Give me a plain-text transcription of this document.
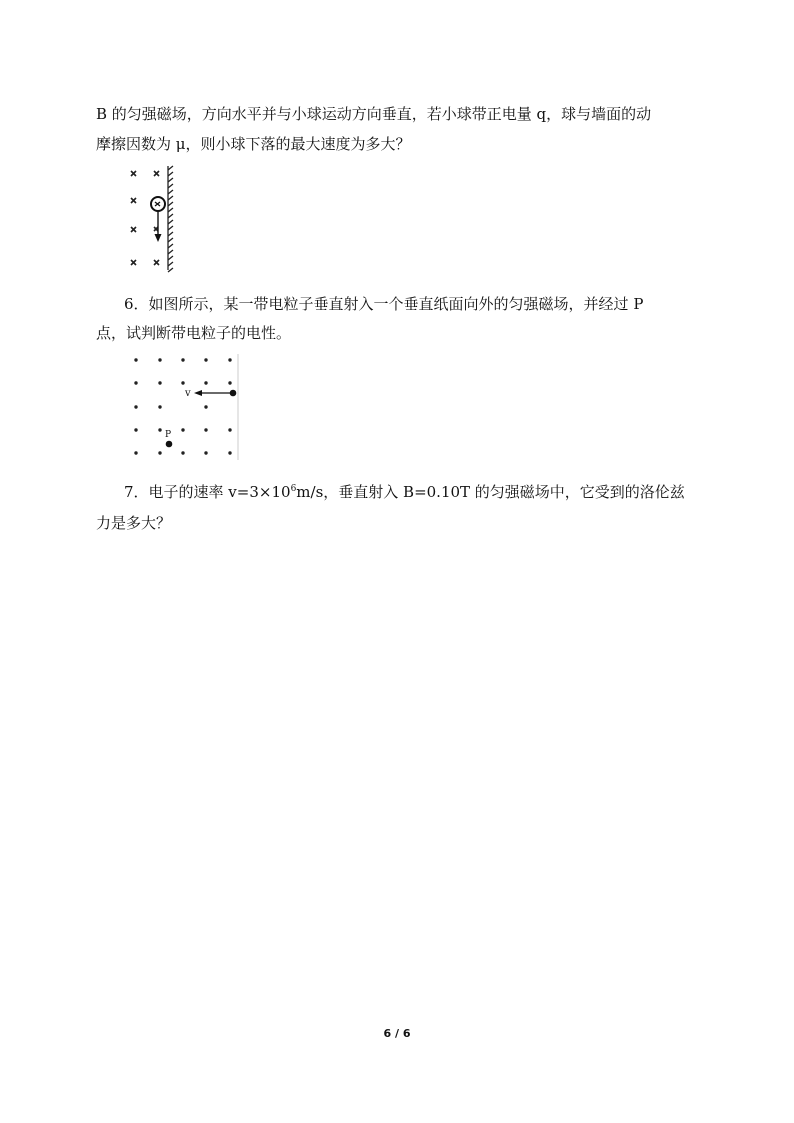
B 的匀强磁场，方向水平并与小球运动方向垂直，若小球带正电量 q，球与墙面的动
摩擦因数为 μ，则小球下落的最大速度为多大？
6．如图所示，某一带电粒子垂直射入一个垂直纸面向外的匀强磁场，并经过 P
点，试判断带电粒子的电性。
v
P
7．电子的速率 $v=3\times 10^6m/s$，垂直射入 B=0.10T 的匀强磁场中，它受到的洛伦兹
力是多大？
6 / 6
